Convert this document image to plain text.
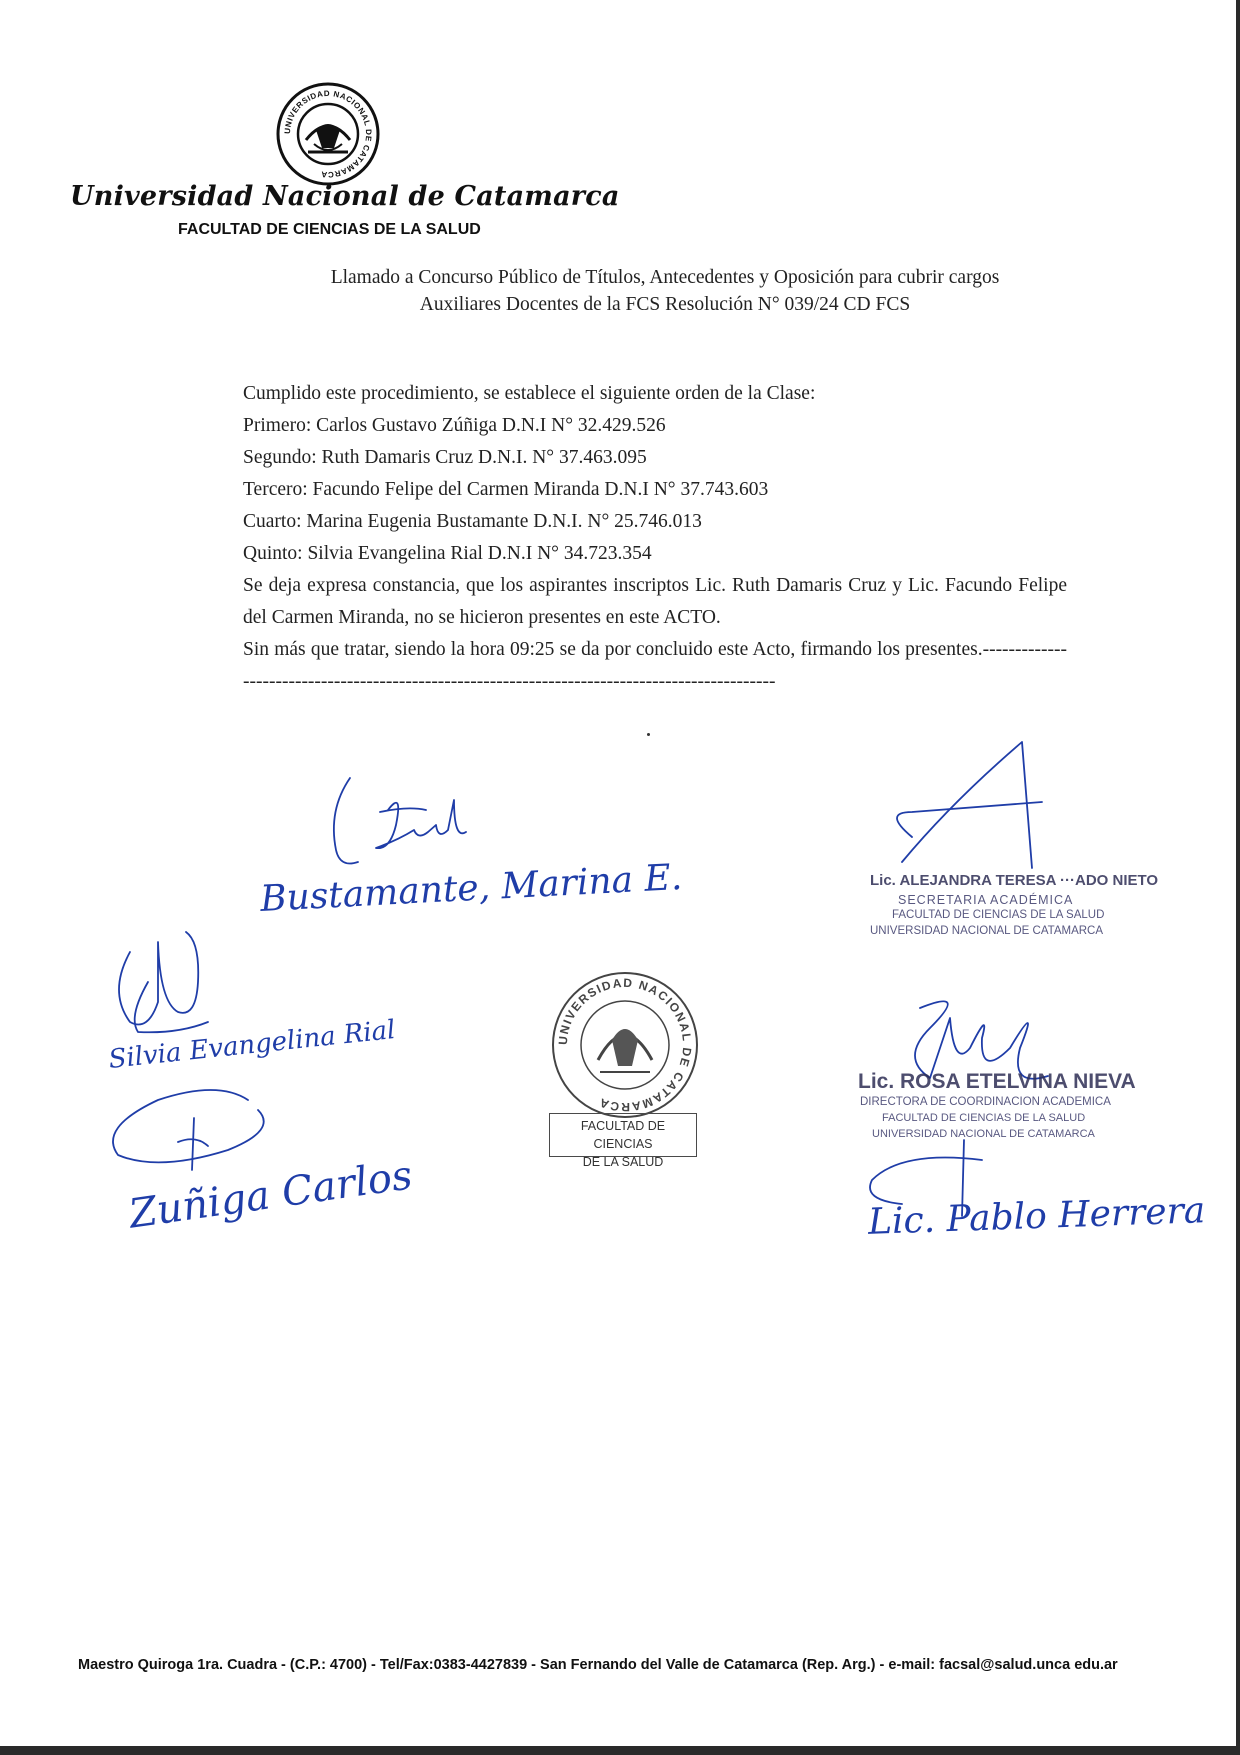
UNIVERSIDAD NACIONAL DE CATAMARCA
Universidad Nacional de Catamarca

FACULTAD DE CIENCIAS DE LA SALUD

Llamado a Concurso Público de Títulos, Antecedentes y Oposición para cubrir cargos
Auxiliares Docentes de la FCS Resolución N° 039/24 CD FCS

Cumplido este procedimiento, se establece el siguiente orden de la Clase:

Primero: Carlos Gustavo Zúñiga D.N.I N° 32.429.526

Segundo: Ruth Damaris Cruz D.N.I. N° 37.463.095

Tercero: Facundo Felipe del Carmen Miranda D.N.I N° 37.743.603

Cuarto: Marina Eugenia Bustamante D.N.I. N° 25.746.013

Quinto: Silvia Evangelina Rial D.N.I N° 34.723.354

Se deja expresa constancia, que los aspirantes inscriptos Lic. Ruth Damaris Cruz y Lic. Facundo Felipe del Carmen Miranda, no se hicieron presentes en este ACTO.

Sin más que tratar, siendo la hora 09:25 se da por concluido este Acto, firmando los presentes.-----------------------------------------------------------------------------------------------

Bustamante, Marina E.
Silvia Evangelina Rial
Zuñiga Carlos

Lic. ALEJANDRA TERESA ···ADO NIETO

SECRETARIA ACADÉMICA

FACULTAD DE CIENCIAS DE LA SALUD

UNIVERSIDAD NACIONAL DE CATAMARCA

Lic. ROSA ETELVINA NIEVA

DIRECTORA DE COORDINACION ACADEMICA

FACULTAD DE CIENCIAS DE LA SALUD

UNIVERSIDAD NACIONAL DE CATAMARCA

Lic. Pablo Herrera
UNIVERSIDAD NACIONAL DE CATAMARCA
FACULTAD DE CIENCIAS
DE LA SALUD

Maestro Quiroga 1ra. Cuadra - (C.P.: 4700) - Tel/Fax:0383-4427839 - San Fernando del Valle de Catamarca (Rep. Arg.) - e-mail: facsal@salud.unca edu.ar
